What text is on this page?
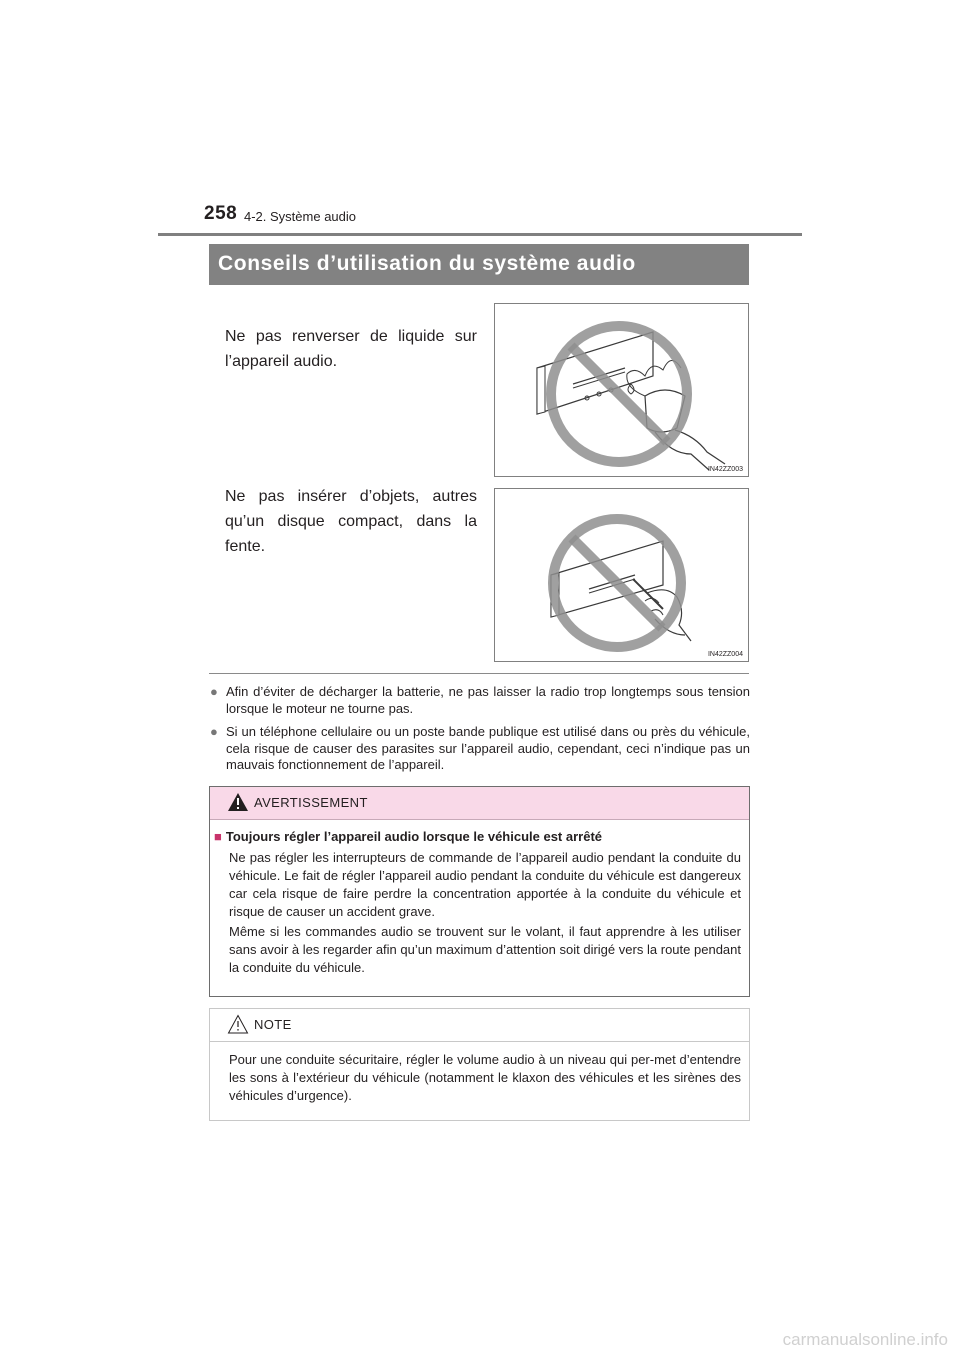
258 4-2. Système audio
Conseils d’utilisation du système audio
Ne pas renverser de liquide sur l’appareil audio.
Ne pas insérer d’objets, autres qu’un disque compact, dans la fente.
IN42ZZ003
IN42ZZ004
● Afin d’éviter de décharger la batterie, ne pas laisser la radio trop longtemps sous tension lorsque le moteur ne tourne pas.
● Si un téléphone cellulaire ou un poste bande publique est utilisé dans ou près du véhicule, cela risque de causer des parasites sur l’appareil audio, cependant, ceci n’indique pas un mauvais fonctionnement de l’appareil.
AVERTISSEMENT
■ Toujours régler l’appareil audio lorsque le véhicule est arrêté
Ne pas régler les interrupteurs de commande de l’appareil audio pendant la conduite du véhicule. Le fait de régler l’appareil audio pendant la conduite du véhicule est dangereux car cela risque de faire perdre la concentration apportée à la conduite du véhicule et risque de causer un accident grave.
Même si les commandes audio se trouvent sur le volant, il faut apprendre à les utiliser sans avoir à les regarder afin qu’un maximum d’attention soit dirigé vers la route pendant la conduite du véhicule.
NOTE
Pour une conduite sécuritaire, régler le volume audio à un niveau qui per-met d’entendre les sons à l’extérieur du véhicule (notamment le klaxon des véhicules et les sirènes des véhicules d’urgence).
carmanualsonline.info
